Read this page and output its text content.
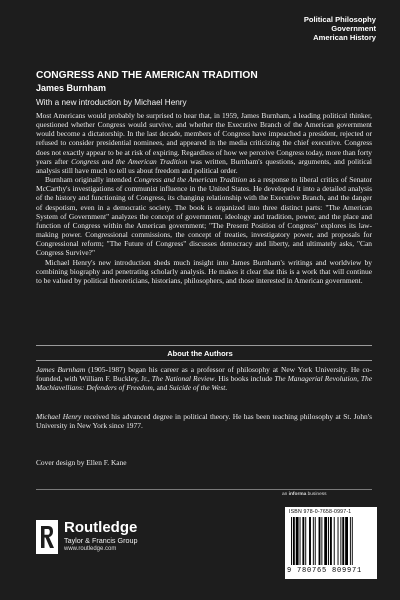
Political Philosophy
Government
American History
CONGRESS AND THE AMERICAN TRADITION
James Burnham
With a new introduction by Michael Henry

Most Americans would probably be surprised to hear that, in 1959, James Burnham, a leading political thinker, questioned whether Congress would survive, and whether the Executive Branch of the American government would become a dictatorship. In the last decade, members of Congress have impeached a president, rejected or refused to consider presidential nominees, and appeared in the media criticizing the chief executive. Congress does not exactly appear to be at risk of expiring. Regardless of how we perceive Congress today, more than forty years after Congress and the American Tradition was written, Burnham's questions, arguments, and political analysis still have much to tell us about freedom and political order.

Burnham originally intended Congress and the American Tradition as a response to liberal critics of Senator McCarthy's investigations of communist influence in the United States. He developed it into a detailed analysis of the history and functioning of Congress, its changing relationship with the Executive Branch, and the danger of despotism, even in a democratic society. The book is organized into three distinct parts: "The American System of Government" analyzes the concept of government, ideology and tradition, power, and the place and function of Congress within the American government; "The Present Position of Congress" explores its law-making power. Congressional commissions, the concept of treaties, investigatory power, and proposals for Congressional reform; "The Future of Congress" discusses democracy and liberty, and ultimately asks, "Can Congress Survive?"

Michael Henry's new introduction sheds much insight into James Burnham's writings and worldview by combining biography and penetrating scholarly analysis. He makes it clear that this is a work that will continue to be valued by political theoreticians, historians, philosophers, and those interested in American government.

About the Authors

James Burnham (1905-1987) began his career as a professor of philosophy at New York University. He co-founded, with William F. Buckley, Jr., The National Review. His books include The Managerial Revolution, The Machiavellians: Defenders of Freedom, and Suicide of the West.

Michael Henry received his advanced degree in political theory. He has been teaching philosophy at St. John's University in New York since 1977.

Cover design by Ellen F. Kane
an informa business
Routledge
Taylor & Francis Group
www.routledge.com
ISBN 978-0-7658-0997-1
9 780765 809971
